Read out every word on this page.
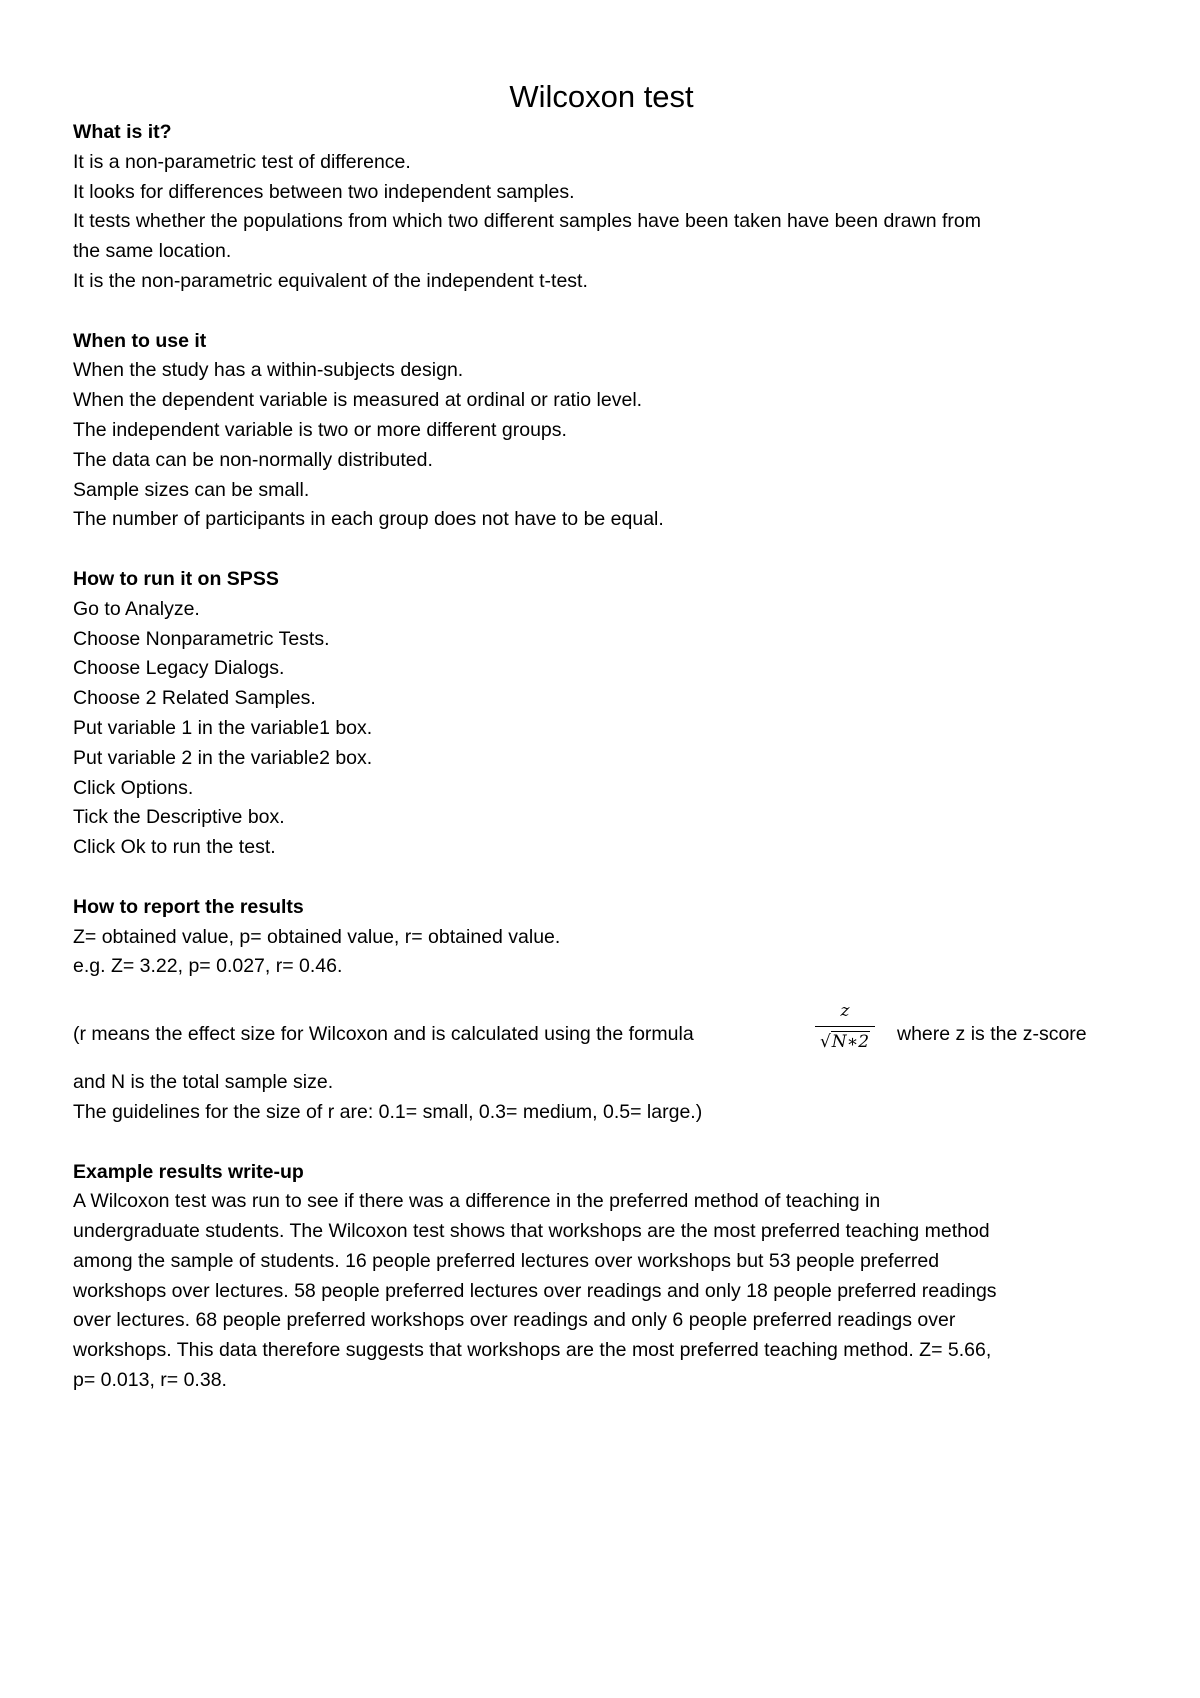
Wilcoxon test

What is it?

It is a non-parametric test of difference.

It looks for differences between two independent samples.

It tests whether the populations from which two different samples have been taken have been drawn from

the same location.

It is the non-parametric equivalent of the independent t-test.

When to use it

When the study has a within-subjects design.

When the dependent variable is measured at ordinal or ratio level.

The independent variable is two or more different groups.

The data can be non-normally distributed.

Sample sizes can be small.

The number of participants in each group does not have to be equal.

How to run it on SPSS

Go to Analyze.

Choose Nonparametric Tests.

Choose Legacy Dialogs.

Choose 2 Related Samples.

Put variable 1 in the variable1 box.

Put variable 2 in the variable2 box.

Click Options.

Tick the Descriptive box.

Click Ok to run the test.

How to report the results

Z= obtained value, p= obtained value, r= obtained value.

e.g. Z= 3.22, p= 0.027, r= 0.46.

(r means the effect size for Wilcoxon and is calculated using the formula
z
√N∗2	where z is the z-score

and N is the total sample size.

The guidelines for the size of r are: 0.1= small, 0.3= medium, 0.5= large.)

Example results write-up

A Wilcoxon test was run to see if there was a difference in the preferred method of teaching in

undergraduate students. The Wilcoxon test shows that workshops are the most preferred teaching method

among the sample of students. 16 people preferred lectures over workshops but 53 people preferred

workshops over lectures. 58 people preferred lectures over readings and only 18 people preferred readings

over lectures. 68 people preferred workshops over readings and only 6 people preferred readings over

workshops. This data therefore suggests that workshops are the most preferred teaching method. Z= 5.66,

p= 0.013, r= 0.38.
